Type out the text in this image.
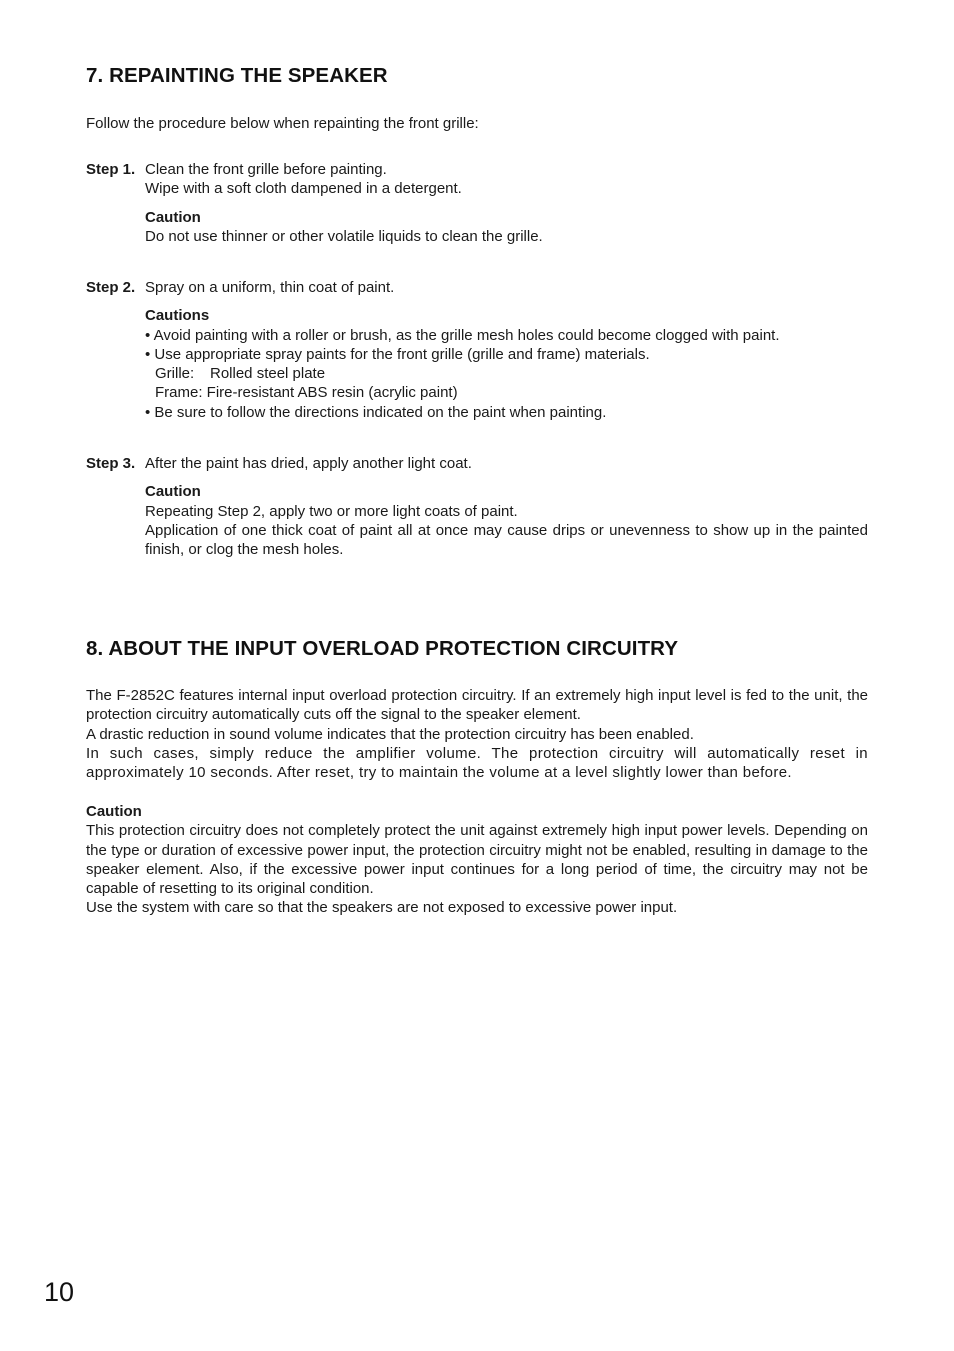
7. REPAINTING THE SPEAKER

Follow the procedure below when repainting the front grille:

Step 1. Clean the front grille before painting.
Wipe with a soft cloth dampened in a detergent.
Caution
Do not use thinner or other volatile liquids to clean the grille.
Step 2. Spray on a uniform, thin coat of paint.
Cautions
• Avoid painting with a roller or brush, as the grille mesh holes could become clogged with paint.
• Use appropriate spray paints for the front grille (grille and frame) materials.
Grille: Rolled steel plate
Frame: Fire-resistant ABS resin (acrylic paint)
• Be sure to follow the directions indicated on the paint when painting.
Step 3. After the paint has dried, apply another light coat.
Caution
Repeating Step 2, apply two or more light coats of paint.
Application of one thick coat of paint all at once may cause drips or unevenness to show up in the painted finish, or clog the mesh holes.
8. ABOUT THE INPUT OVERLOAD PROTECTION CIRCUITRY
The F-2852C features internal input overload protection circuitry. If an extremely high input level is fed to the unit, the protection circuitry automatically cuts off the signal to the speaker element.
A drastic reduction in sound volume indicates that the protection circuitry has been enabled.
In such cases, simply reduce the amplifier volume. The protection circuitry will automatically reset in approximately 10 seconds. After reset, try to maintain the volume at a level slightly lower than before.
Caution
This protection circuitry does not completely protect the unit against extremely high input power levels. Depending on the type or duration of excessive power input, the protection circuitry might not be enabled, resulting in damage to the speaker element. Also, if the excessive power input continues for a long period of time, the circuitry may not be capable of resetting to its original condition.
Use the system with care so that the speakers are not exposed to excessive power input.
10
